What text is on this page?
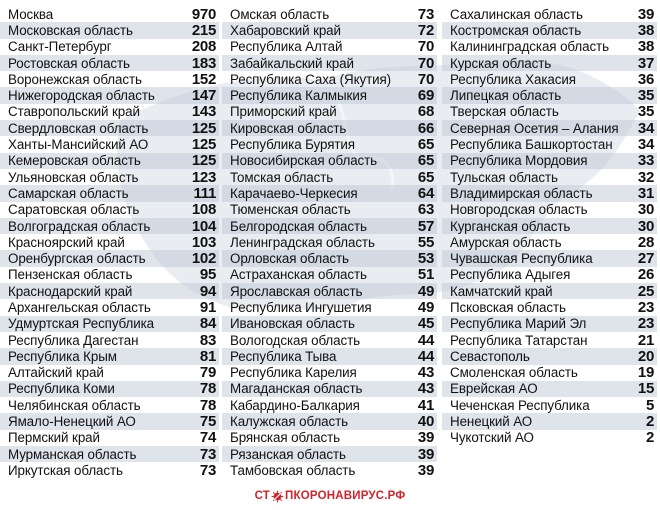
Москва	970
Московская область	215
Санкт-Петербург	208
Ростовская область	183
Воронежская область	152
Нижегородская область	147
Ставропольский край	143
Свердловская область	125
Ханты-Мансийский АО	125
Кемеровская область	125
Ульяновская область	123
Самарская область	111
Саратовская область	108
Волгоградская область	104
Красноярский край	103
Оренбургская область	102
Пензенская область	95
Краснодарский край	94
Архангельская область	91
Удмуртская Республика	84
Республика Дагестан	83
Республика Крым	81
Алтайский край	79
Республика Коми	78
Челябинская область	78
Ямало-Ненецкий АО	75
Пермский край	74
Мурманская область	73
Иркутская область	73
Омская область	73
Хабаровский край	72
Республика Алтай	70
Забайкальский край	70
Республика Саха (Якутия)	70
Республика Калмыкия	69
Приморский край	68
Кировская область	66
Республика Бурятия	65
Новосибирская область	65
Томская область	65
Карачаево-Черкесия	64
Тюменская область	63
Белгородская область	57
Ленинградская область	55
Орловская область	53
Астраханская область	51
Ярославская область	49
Республика Ингушетия	49
Ивановская область	45
Вологодская область	44
Республика Тыва	44
Республика Карелия	43
Магаданская область	43
Кабардино-Балкария	41
Калужская область	40
Брянская область	39
Рязанская область	39
Тамбовская область	39
Сахалинская область	39
Костромская область	38
Калининградская область	38
Курская область	37
Республика Хакасия	36
Липецкая область	35
Тверская область	35
Северная Осетия – Алания	34
Республика Башкортостан	34
Республика Мордовия	33
Тульская область	32
Владимирская область	31
Новгородская область	30
Курганская область	30
Амурская область	28
Чувашская Республика	27
Республика Адыгея	26
Камчатский край	25
Псковская область	23
Республика Марий Эл	23
Республика Татарстан	21
Севастополь	20
Смоленская область	19
Еврейская АО	15
Чеченская Республика	5
Ненецкий АО	2
Чукотский АО	2
СТ ПКОРОНАВИРУС.РФ
